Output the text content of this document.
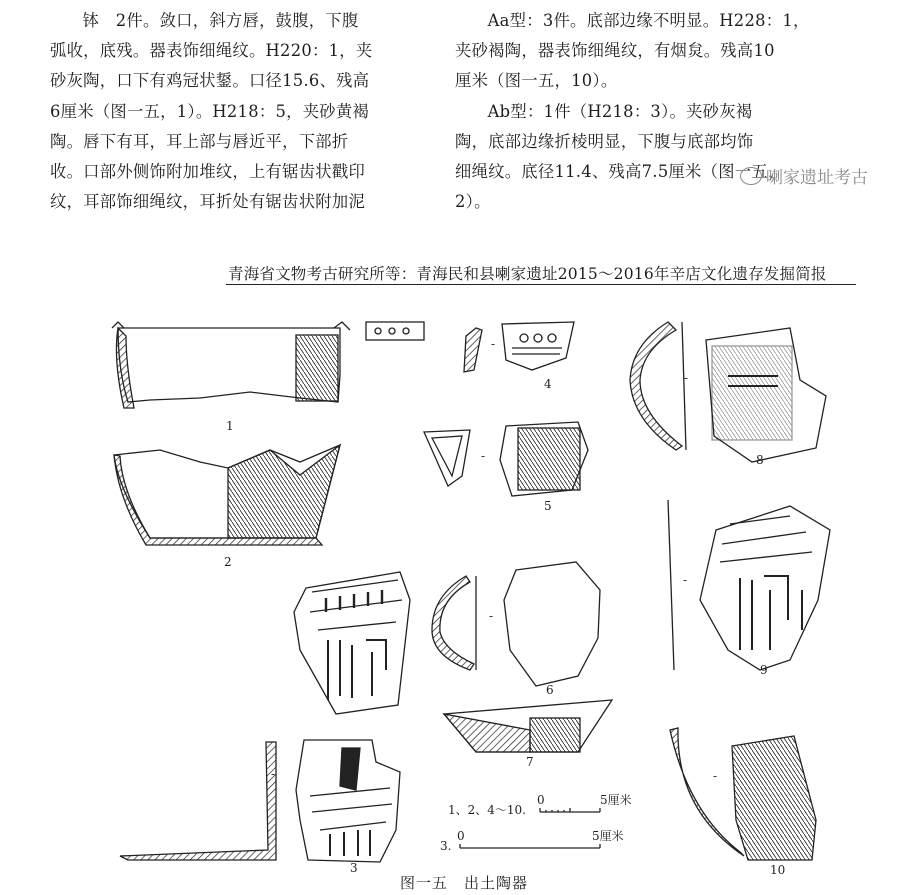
钵　2件。敛口，斜方唇，鼓腹，下腹

弧收，底残。器表饰细绳纹。H220：1，夹

砂灰陶，口下有鸡冠状鋬。口径15.6、残高

6厘米（图一五，1）。H218：5，夹砂黄褐

陶。唇下有耳，耳上部与唇近平，下部折

收。口部外侧饰附加堆纹，上有锯齿状戳印

纹，耳部饰细绳纹，耳折处有锯齿状附加泥

Aa型：3件。底部边缘不明显。H228：1，

夹砂褐陶，器表饰细绳纹，有烟炱。残高10

厘米（图一五，10）。

Ab型：1件（H218：3）。夹砂灰褐

陶，底部边缘折棱明显，下腹与底部均饰

细绳纹。底径11.4、残高7.5厘米（图一五，

2）。

喇家遗址考古
青海省文物考古研究所等：青海民和县喇家遗址2015～2016年辛店文化遗存发掘简报
1
2
3
4
5
6
7
8
9
10
-
-
-
-
-
-
-
1、2、4～10.
0	5厘米
3.
0	5厘米
图一五　出土陶器
